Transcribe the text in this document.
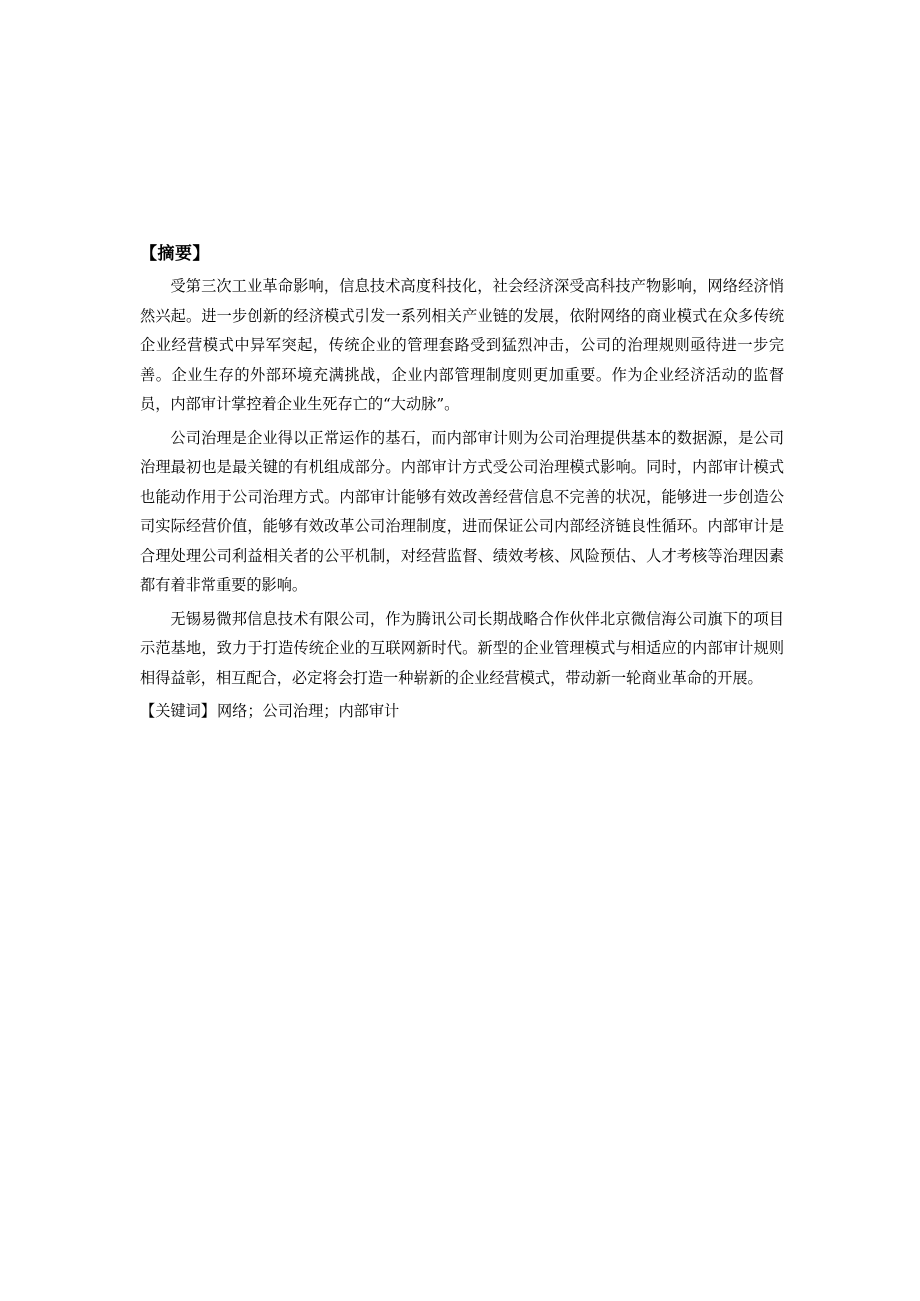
【摘要】

受第三次工业革命影响，信息技术高度科技化，社会经济深受高科技产物影响，网络经济悄然兴起。进一步创新的经济模式引发一系列相关产业链的发展，依附网络的商业模式在众多传统企业经营模式中异军突起，传统企业的管理套路受到猛烈冲击，公司的治理规则亟待进一步完善。企业生存的外部环境充满挑战，企业内部管理制度则更加重要。作为企业经济活动的监督员，内部审计掌控着企业生死存亡的“大动脉”。

公司治理是企业得以正常运作的基石，而内部审计则为公司治理提供基本的数据源，是公司治理最初也是最关键的有机组成部分。内部审计方式受公司治理模式影响。同时，内部审计模式也能动作用于公司治理方式。内部审计能够有效改善经营信息不完善的状况，能够进一步创造公司实际经营价值，能够有效改革公司治理制度，进而保证公司内部经济链良性循环。内部审计是合理处理公司利益相关者的公平机制，对经营监督、绩效考核、风险预估、人才考核等治理因素都有着非常重要的影响。

无锡易微邦信息技术有限公司，作为腾讯公司长期战略合作伙伴北京微信海公司旗下的项目示范基地，致力于打造传统企业的互联网新时代。新型的企业管理模式与相适应的内部审计规则相得益彰，相互配合，必定将会打造一种崭新的企业经营模式，带动新一轮商业革命的开展。

【关键词】网络；公司治理；内部审计
